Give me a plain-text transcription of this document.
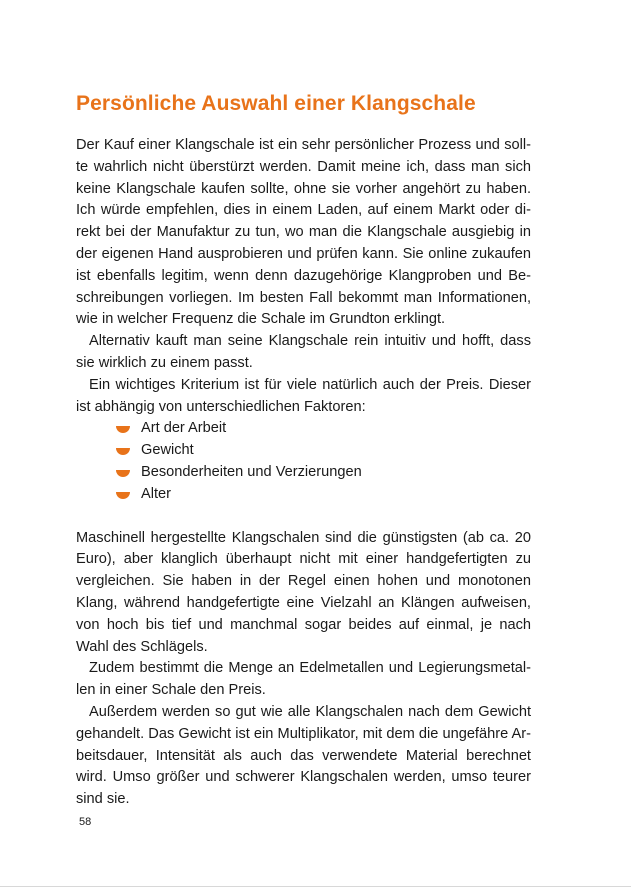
Persönliche Auswahl einer Klangschale

Der Kauf einer Klangschale ist ein sehr persönlicher Prozess und sollte wahrlich nicht überstürzt werden. Damit meine ich, dass man sich keine Klangschale kaufen sollte, ohne sie vorher angehört zu haben. Ich würde empfehlen, dies in einem Laden, auf einem Markt oder direkt bei der Manufaktur zu tun, wo man die Klangschale ausgiebig in der eigenen Hand ausprobieren und prüfen kann. Sie online zukaufen ist ebenfalls legitim, wenn denn dazugehörige Klangproben und Beschreibungen vorliegen. Im besten Fall bekommt man Informationen, wie in welcher Frequenz die Schale im Grundton erklingt.

Alternativ kauft man seine Klangschale rein intuitiv und hofft, dass sie wirklich zu einem passt.

Ein wichtiges Kriterium ist für viele natürlich auch der Preis. Dieser ist abhängig von unterschiedlichen Faktoren:

Art der Arbeit
Gewicht
Besonderheiten und Verzierungen
Alter

Maschinell hergestellte Klangschalen sind die günstigsten (ab ca. 20 Euro), aber klanglich überhaupt nicht mit einer handgefertigten zu vergleichen. Sie haben in der Regel einen hohen und monotonen Klang, während handgefertigte eine Vielzahl an Klängen aufweisen, von hoch bis tief und manchmal sogar beides auf einmal, je nach Wahl des Schlägels.

Zudem bestimmt die Menge an Edelmetallen und Legierungsmetallen in einer Schale den Preis.

Außerdem werden so gut wie alle Klangschalen nach dem Gewicht gehandelt. Das Gewicht ist ein Multiplikator, mit dem die ungefähre Arbeitsdauer, Intensität als auch das verwendete Material berechnet wird. Umso größer und schwerer Klangschalen werden, umso teurer sind sie.

58
